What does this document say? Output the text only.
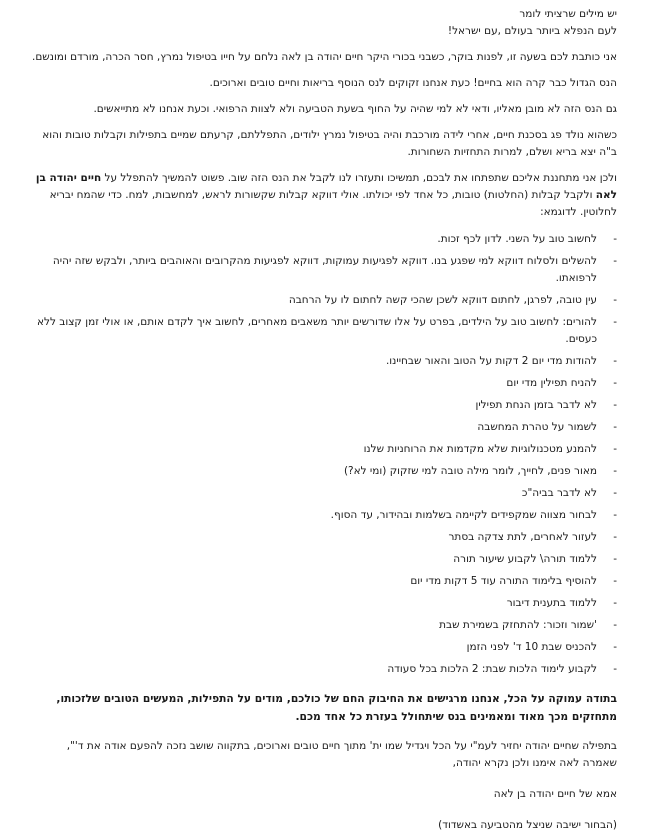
יש מילים שרציתי לומר

לעם הנפלא ביותר בעולם ,עם ישראל!

אני כותבת לכם בשעה זו, לפנות בוקר, כשבני בכורי היקר חיים יהודה בן לאה נלחם על חייו בטיפול נמרץ, חסר הכרה, מורדם ומונשם.

הנס הגדול כבר קרה הוא בחיים! כעת אנחנו זקוקים לנס הנוסף בריאות וחיים טובים וארוכים.

גם הנס הזה לא מובן מאליו, ודאי לא למי שהיה על החוף בשעת הטביעה ולא לצוות הרפואי. וכעת אנחנו לא מתייאשים.

כשהוא נולד פג בסכנת חיים, אחרי לידה מורכבת והיה בטיפול נמרץ ילודים, התפללתם, קרעתם שמיים בתפילות וקבלות טובות והוא ב"ה יצא בריא ושלם, למרות התחזיות השחורות.

ולכן אני מתחננת אליכם שתפתחו את לבכם, תמשיכו ותעזרו לנו לקבל את הנס הזה שוב. פשוט להמשיך להתפלל על חיים יהודה בן לאה ולקבל קבלות (החלטות) טובות, כל אחד לפי יכולתו. אולי דווקא קבלות שקשורות לראש, למחשבות, למח. כדי שהמח יבריא לחלוטין. לדוגמא:

- לחשוב טוב על השני. לדון לכף זכות.
- להשלים ולסלוח דווקא למי שפגע בנו. דווקא לפגיעות עמוקות, דווקא לפגיעות מהקרובים והאוהבים ביותר, ולבקש שזה יהיה לרפואתו.
- עין טובה, לפרגן, לחתום דווקא לשכן שהכי קשה לחתום לו על הרחבה
- להורים: לחשוב טוב על הילדים, בפרט על אלו שדורשים יותר משאבים מאחרים, לחשוב איך לקדם אותם, או אולי זמן קצוב ללא כעסים.
- להודות מדי יום 2 דקות על הטוב והאור שבחיינו.
- להניח תפילין מדי יום
- לא לדבר בזמן הנחת תפילין
- לשמור על טהרת המחשבה
- להמנע מטכנולוגיות שלא מקדמות את הרוחניות שלנו
- מאור פנים, לחייך, לומר מילה טובה למי שזקוק (ומי לא?)
- לא לדבר בביה"כ
- לבחור מצווה שמקפידים לקיימה בשלמות ובהידור, עד הסוף.
- לעזור לאחרים, לתת צדקה בסתר
- ללמוד תורה\ לקבוע שיעור תורה
- להוסיף בלימוד התורה עוד 5 דקות מדי יום
- ללמוד בתענית דיבור
- 'שמור וזכור: להתחזק בשמירת שבת
- להכניס שבת 10 ד' לפני הזמן
- לקבוע לימוד הלכות שבת: 2 הלכות בכל סעודה

בתודה עמוקה על הכל, אנחנו מרגישים את החיבוק החם של כולכם, מודים על התפילות, המעשים הטובים שלזכותו, מתחזקים מכך מאוד ומאמינים בנס שיתחולל בעזרת כל אחד מכם.

בתפילה שחיים יהודה יחזיר לעמ"י על הכל ויגדיל שמו ית' מתוך חיים טובים וארוכים, בתקווה שושב נזכה להפעם אודה את ד'", שאמרה לאה אימנו ולכן נקרא יהודה,

אמא של חיים יהודה בן לאה

(הבחור ישיבה שניצל מהטביעה באשדוד)
